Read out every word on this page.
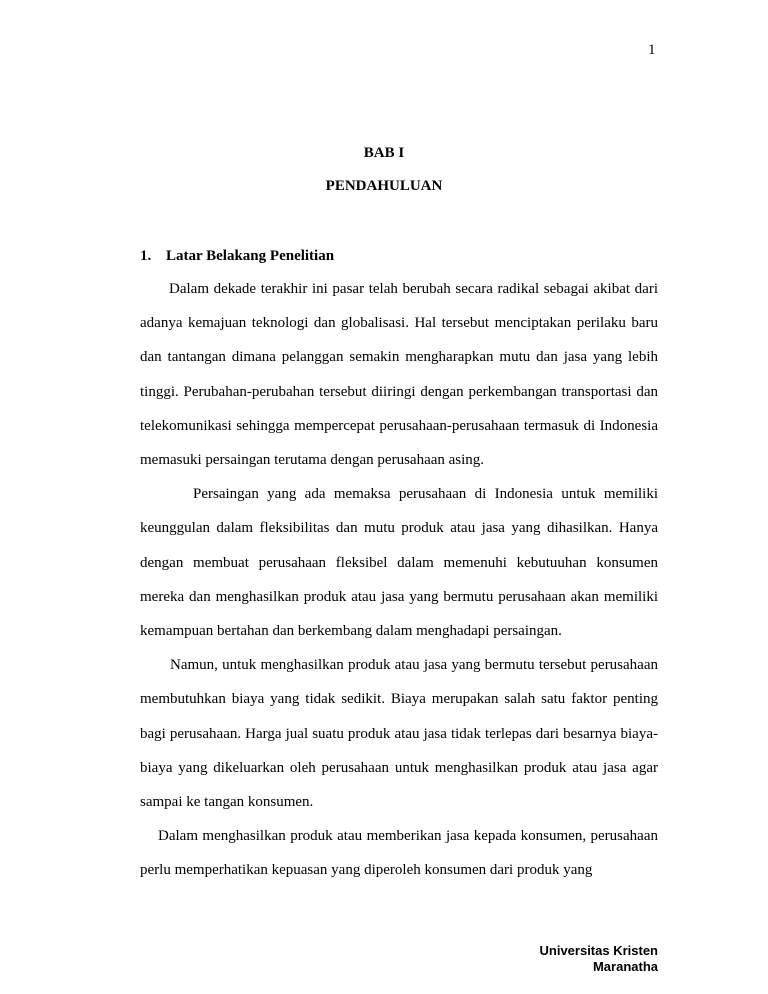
1
BAB I
PENDAHULUAN
1. Latar Belakang Penelitian

Dalam dekade terakhir ini pasar telah berubah secara radikal sebagai akibat dari adanya kemajuan teknologi dan globalisasi. Hal tersebut menciptakan perilaku baru dan tantangan dimana pelanggan semakin mengharapkan mutu dan jasa yang lebih tinggi. Perubahan-perubahan tersebut diiringi dengan perkembangan transportasi dan telekomunikasi sehingga mempercepat perusahaan-perusahaan termasuk di Indonesia memasuki persaingan terutama dengan perusahaan asing.

Persaingan yang ada memaksa perusahaan di Indonesia untuk memiliki keunggulan dalam fleksibilitas dan mutu produk atau jasa yang dihasilkan. Hanya dengan membuat perusahaan fleksibel dalam memenuhi kebutuuhan konsumen mereka dan menghasilkan produk atau jasa yang bermutu perusahaan akan memiliki kemampuan bertahan dan berkembang dalam menghadapi persaingan.

Namun, untuk menghasilkan produk atau jasa yang bermutu tersebut perusahaan membutuhkan biaya yang tidak sedikit. Biaya merupakan salah satu faktor penting bagi perusahaan. Harga jual suatu produk atau jasa tidak terlepas dari besarnya biaya-biaya yang dikeluarkan oleh perusahaan untuk menghasilkan produk atau jasa agar sampai ke tangan konsumen.

Dalam menghasilkan produk atau memberikan jasa kepada konsumen, perusahaan perlu memperhatikan kepuasan yang diperoleh konsumen dari produk yang

Universitas Kristen Maranatha
